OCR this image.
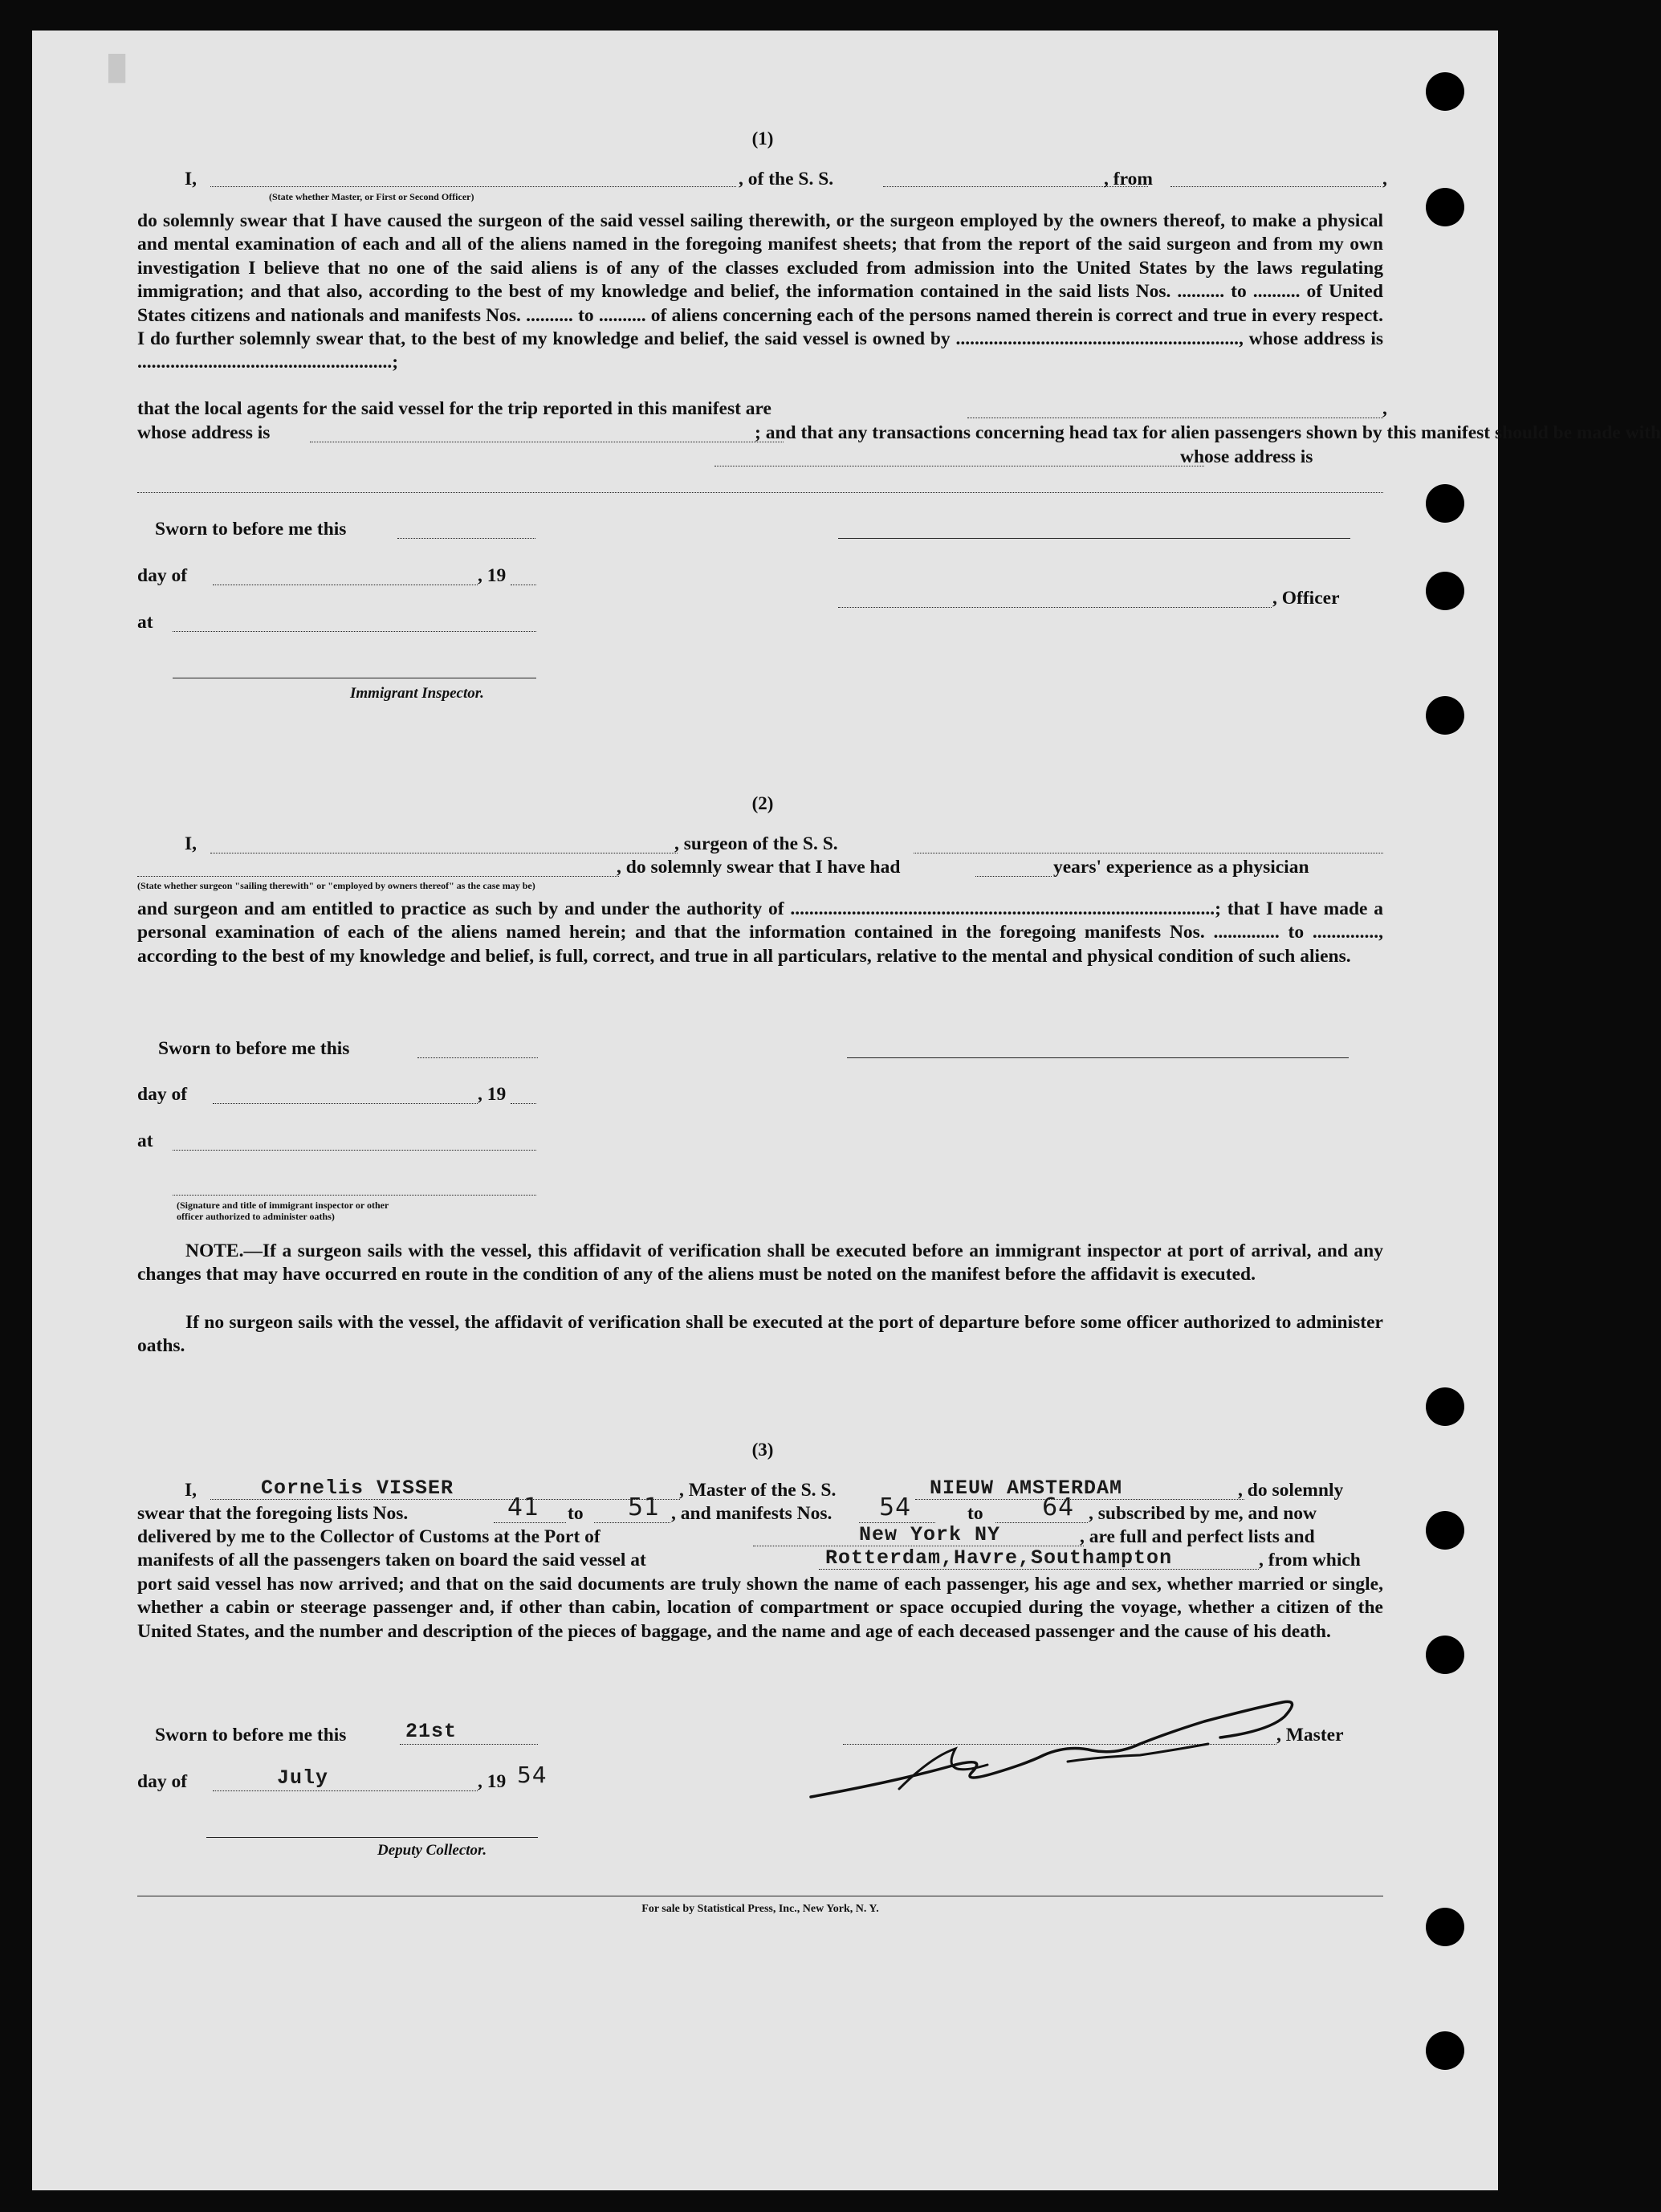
█
(1)
I,
(State whether Master, or First or Second Officer)
, of the S. S.	, from	,
do solemnly swear that I have caused the surgeon of the said vessel sailing therewith, or the surgeon employed by the owners thereof, to make a physical and mental examination of each and all of the aliens named in the foregoing manifest sheets; that from the report of the said surgeon and from my own investigation I believe that no one of the said aliens is of any of the classes excluded from admission into the United States by the laws regulating immigration; and that also, according to the best of my knowledge and belief, the information contained in the said lists Nos. .......... to .......... of United States citizens and nationals and manifests Nos. .......... to .......... of aliens concerning each of the persons named therein is correct and true in every respect. I do further solemnly swear that, to the best of my knowledge and belief, the said vessel is owned by ............................................................, whose address is ......................................................;
that the local agents for the said vessel for the trip reported in this manifest are	,
whose address is	; and that any transactions concerning head tax for alien passengers shown by this manifest should be made with
whose address is
Sworn to before me this
day of	, 19
at
, Officer
Immigrant Inspector.
(2)
I,	, surgeon of the S. S.
, do solemnly swear that I have had	years' experience as a physician
(State whether surgeon "sailing therewith" or "employed by owners thereof" as the case may be)
and surgeon and am entitled to practice as such by and under the authority of ..........................................................................................; that I have made a personal examination of each of the aliens named herein; and that the information contained in the foregoing manifests Nos. .............. to .............., according to the best of my knowledge and belief, is full, correct, and true in all particulars, relative to the mental and physical condition of such aliens.
Sworn to before me this
day of	, 19
at
(Signature and title of immigrant inspector or other officer authorized to administer oaths)
NOTE.—If a surgeon sails with the vessel, this affidavit of verification shall be executed before an immigrant inspector at port of arrival, and any changes that may have occurred en route in the condition of any of the aliens must be noted on the manifest before the affidavit is executed.
If no surgeon sails with the vessel, the affidavit of verification shall be executed at the port of departure before some officer authorized to administer oaths.
(3)
I,	Cornelis VISSER	, Master of the S. S.	NIEUW AMSTERDAM	, do solemnly
swear that the foregoing lists Nos.	41 to 51 , and manifests Nos. 54	to 64 , subscribed by me, and now
delivered by me to the Collector of Customs at the Port of	New York NY	, are full and perfect lists and
manifests of all the passengers taken on board the said vessel at	Rotterdam,Havre,Southampton	, from which
port said vessel has now arrived; and that on the said documents are truly shown the name of each passenger, his age and sex, whether married or single, whether a cabin or steerage passenger and, if other than cabin, location of compartment or space occupied during the voyage, whether a citizen of the United States, and the number and description of the pieces of baggage, and the name and age of each deceased passenger and the cause of his death.
Sworn to before me this	21st	, Master
day of	July	, 19 54
Deputy Collector.
For sale by Statistical Press, Inc., New York, N. Y.
